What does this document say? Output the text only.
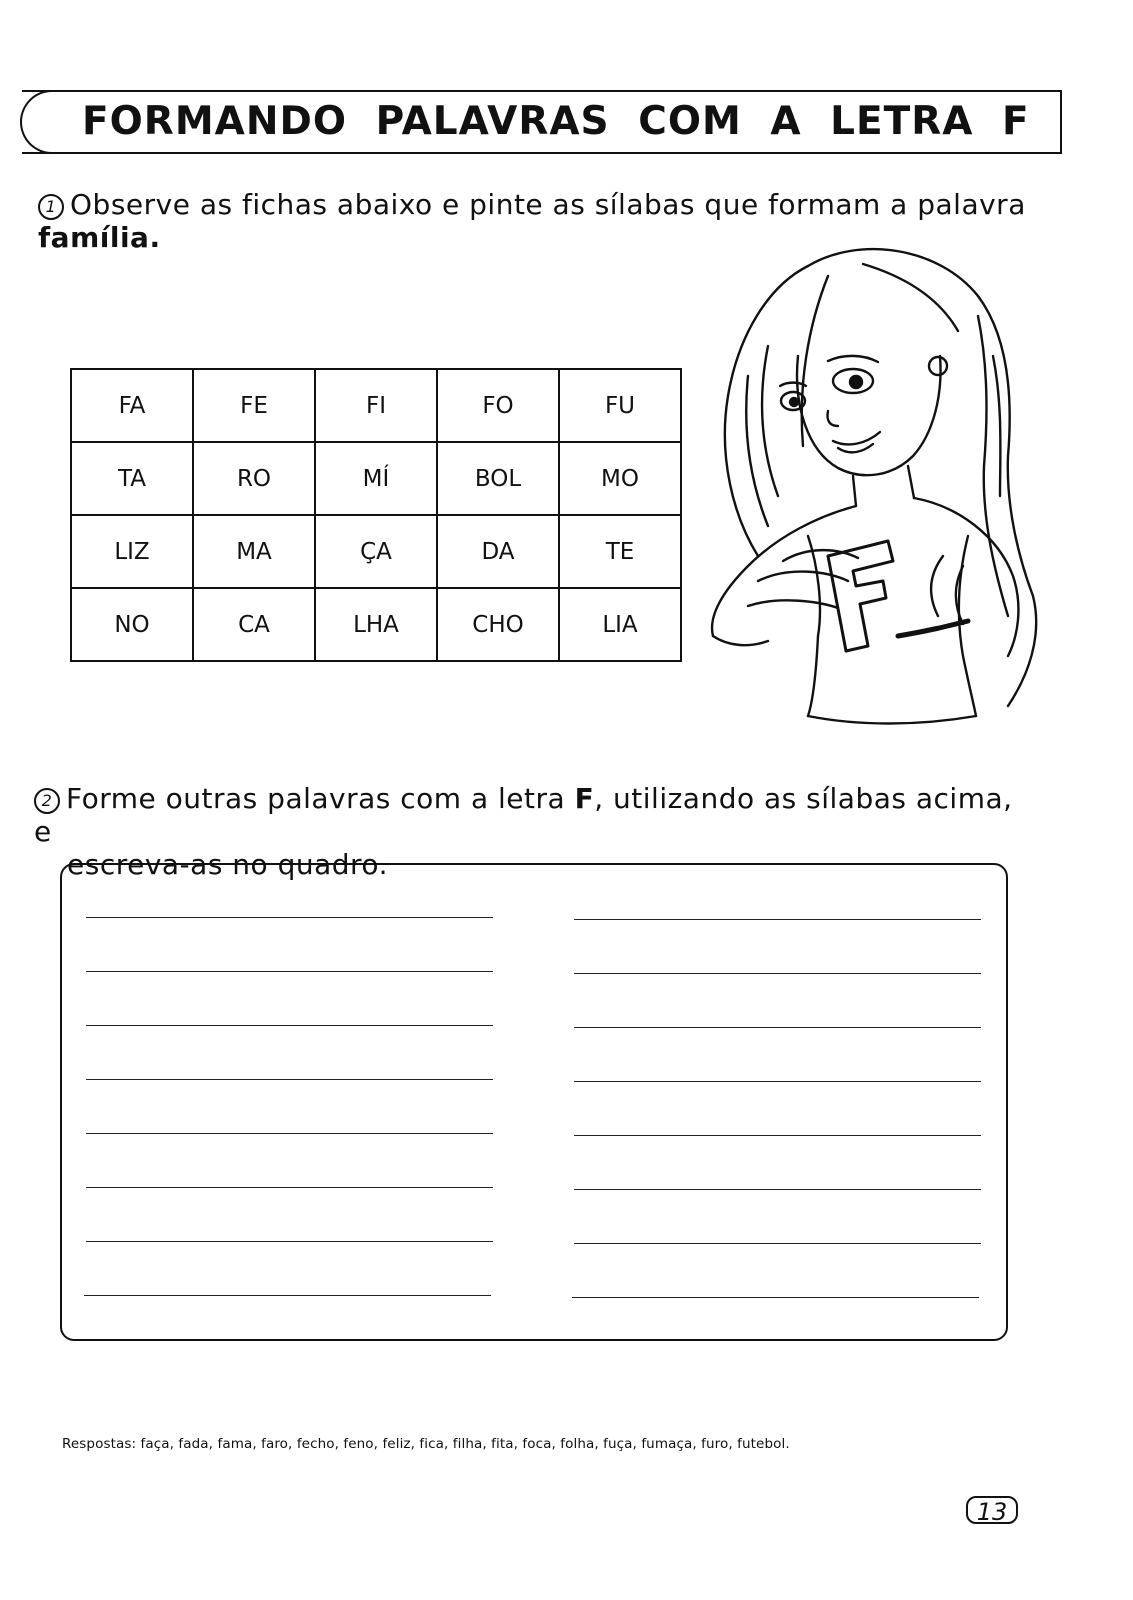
FORMANDO PALAVRAS COM A LETRA F
1 Observe as fichas abaixo e pinte as sílabas que formam a palavra
família.
FA	FE	FI	FO	FU
TA	RO	MÍ	BOL	MO
LIZ	MA	ÇA	DA	TE
NO	CA	LHA	CHO	LIA
2 Forme outras palavras com a letra F, utilizando as sílabas acima, e
escreva-as no quadro.
Respostas: faça, fada, fama, faro, fecho, feno, feliz, fica, filha, fita, foca, folha, fuça, fumaça, furo, futebol.
13
